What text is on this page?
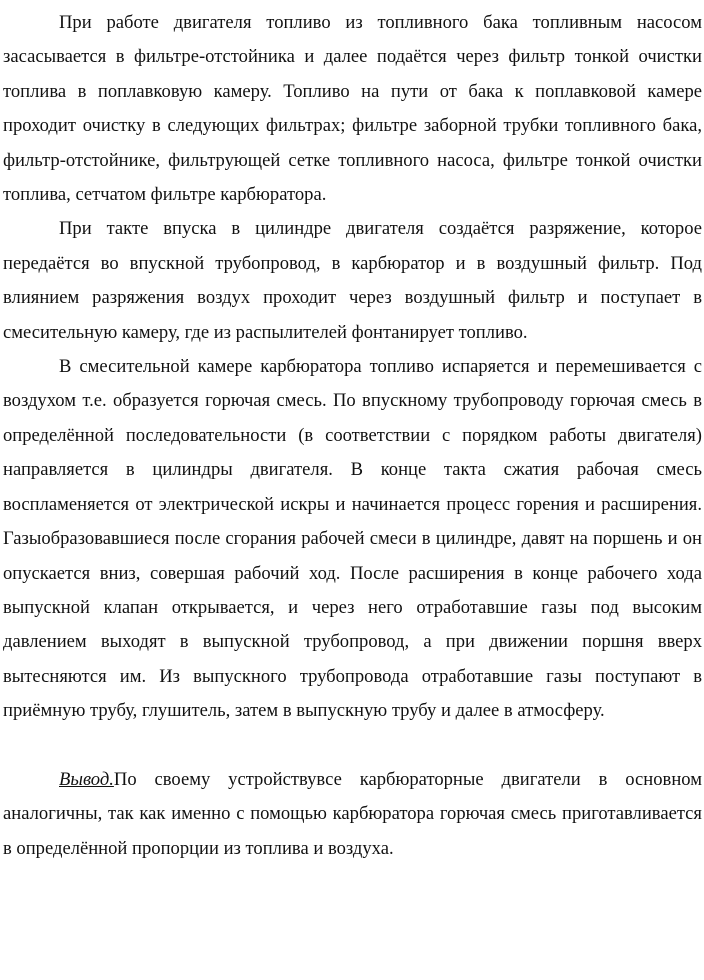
При работе двигателя топливо из топливного бака топливным насосом засасывается в фильтре-отстойника и далее подаётся через фильтр тонкой очистки топлива в поплавковую камеру. Топливо на пути от бака к поплавковой камере проходит очистку в следующих фильтрах; фильтре заборной трубки топливного бака, фильтр-отстойнике, фильтрующей сетке топливного насоса, фильтре тонкой очистки топлива, сетчатом фильтре карбюратора.

При такте впуска в цилиндре двигателя создаётся разряжение, которое передаётся во впускной трубопровод, в карбюратор и в воздушный фильтр. Под влиянием разряжения воздух проходит через воздушный фильтр и поступает в смесительную камеру, где из распылителей фонтанирует топливо.

В смесительной камере карбюратора топливо испаряется и перемешивается с воздухом т.е. образуется горючая смесь. По впускному трубопроводу горючая смесь в определённой последовательности (в соответствии с порядком работы двигателя) направляется в цилиндры двигателя. В конце такта сжатия рабочая смесь воспламеняется от электрической искры и начинается процесс горения и расширения. Газыобразовавшиеся после сгорания рабочей смеси в цилиндре, давят на поршень и он опускается вниз, совершая рабочий ход. После расширения в конце рабочего хода выпускной клапан открывается, и через него отработавшие газы под высоким давлением выходят в выпускной трубопровод, а при движении поршня вверх вытесняются им. Из выпускного трубопровода отработавшие газы поступают в приёмную трубу, глушитель, затем в выпускную трубу и далее в атмосферу.

Вывод.По своему устройствувсе карбюраторные двигатели в основном аналогичны, так как именно с помощью карбюратора горючая смесь приготавливается в определённой пропорции из топлива и воздуха.
